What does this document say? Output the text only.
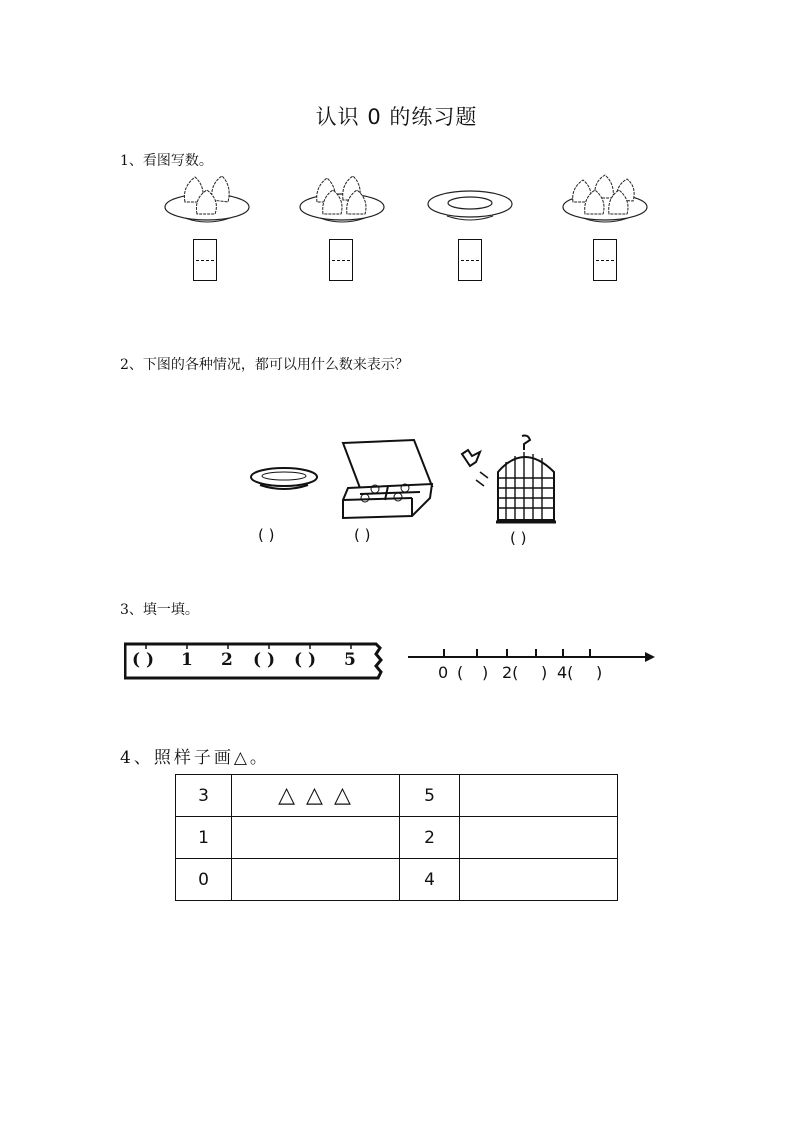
认识 0 的练习题
1、看图写数。
2、下图的各种情况，都可以用什么数来表示？
( )	( )	( )
3、填一填。
( ) 1 2 ( ) ( ) 5
0 ( ) 2( ) 4( )
4、照样子画△。
3	△ △ △	5	
1		2	
0		4	
